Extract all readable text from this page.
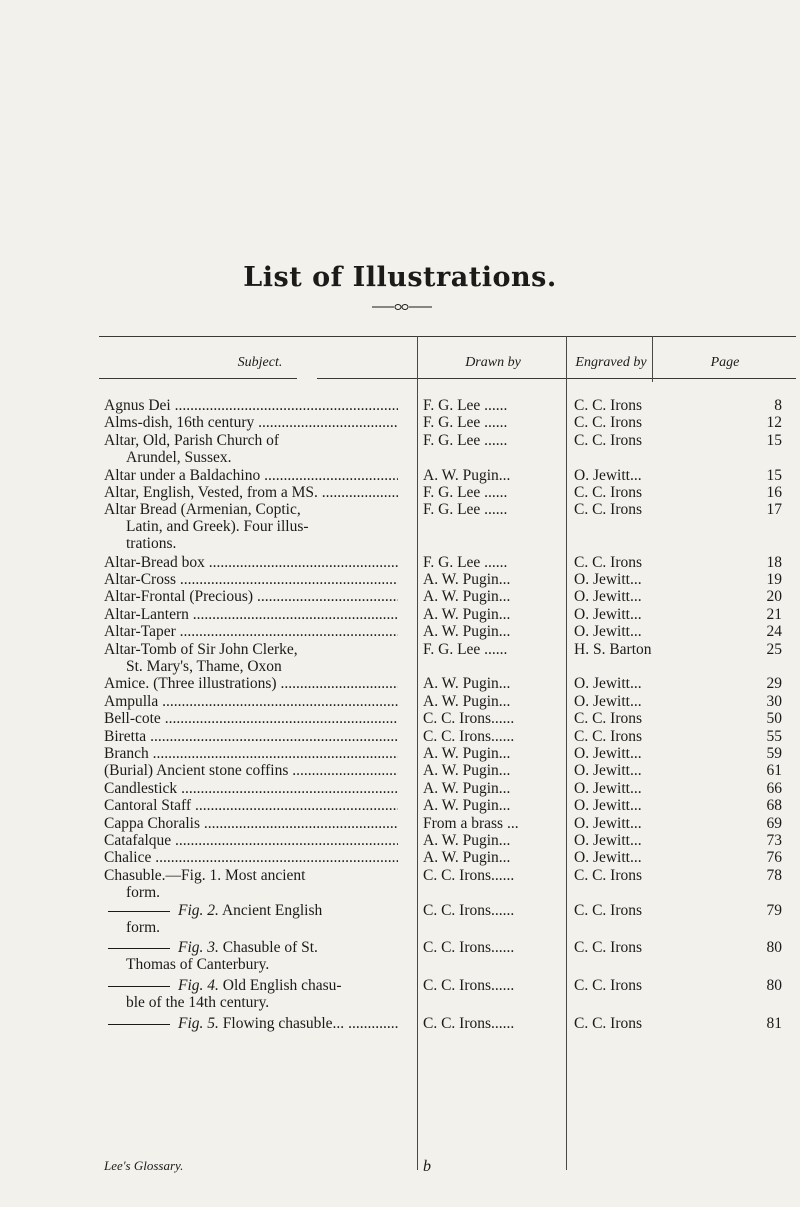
List of Illustrations.
Subject.	Drawn by	Engraved by	Page
Agnus Dei .....	F. G. Lee ......	C. C. Irons	8
Alms-dish, 16th century .....	F. G. Lee ......	C. C. Irons	12
Altar, Old, Parish Church of
Arundel, Sussex.
F. G. Lee ......	C. C. Irons	15
Altar under a Baldachino .....	A. W. Pugin...	O. Jewitt...	15
Altar, English, Vested, from a MS. .....	F. G. Lee ......	C. C. Irons	16
Altar Bread (Armenian, Coptic,
Latin, and Greek). Four illus-
trations.
F. G. Lee ......	C. C. Irons	17
Altar-Bread box .....	F. G. Lee ......	C. C. Irons	18
Altar-Cross .....	A. W. Pugin...	O. Jewitt...	19
Altar-Frontal (Precious) .....	A. W. Pugin...	O. Jewitt...	20
Altar-Lantern .....	A. W. Pugin...	O. Jewitt...	21
Altar-Taper .....	A. W. Pugin...	O. Jewitt...	24
Altar-Tomb of Sir John Clerke,
St. Mary's, Thame, Oxon
F. G. Lee ......	H. S. Barton	25
Amice. (Three illustrations) .....	A. W. Pugin...	O. Jewitt...	29
Ampulla .....	A. W. Pugin...	O. Jewitt...	30
Bell-cote .....	C. C. Irons......	C. C. Irons	50
Biretta .....	C. C. Irons......	C. C. Irons	55
Branch .....	A. W. Pugin...	O. Jewitt...	59
(Burial) Ancient stone coffins .....	A. W. Pugin...	O. Jewitt...	61
Candlestick .....	A. W. Pugin...	O. Jewitt...	66
Cantoral Staff .....	A. W. Pugin...	O. Jewitt...	68
Cappa Choralis .....	From a brass ...	O. Jewitt...	69
Catafalque .....	A. W. Pugin...	O. Jewitt...	73
Chalice .....	A. W. Pugin...	O. Jewitt...	76
Chasuble.—Fig. 1. Most ancient
form.
C. C. Irons......	C. C. Irons	78
Fig. 2. Ancient English
form.
C. C. Irons......	C. C. Irons	79
Fig. 3. Chasuble of St.
Thomas of Canterbury.
C. C. Irons......	C. C. Irons	80
Fig. 4. Old English chasu-
ble of the 14th century.
C. C. Irons......	C. C. Irons	80
Fig. 5. Flowing chasuble... .....	C. C. Irons......	C. C. Irons	81
Lee's Glossary.	b
